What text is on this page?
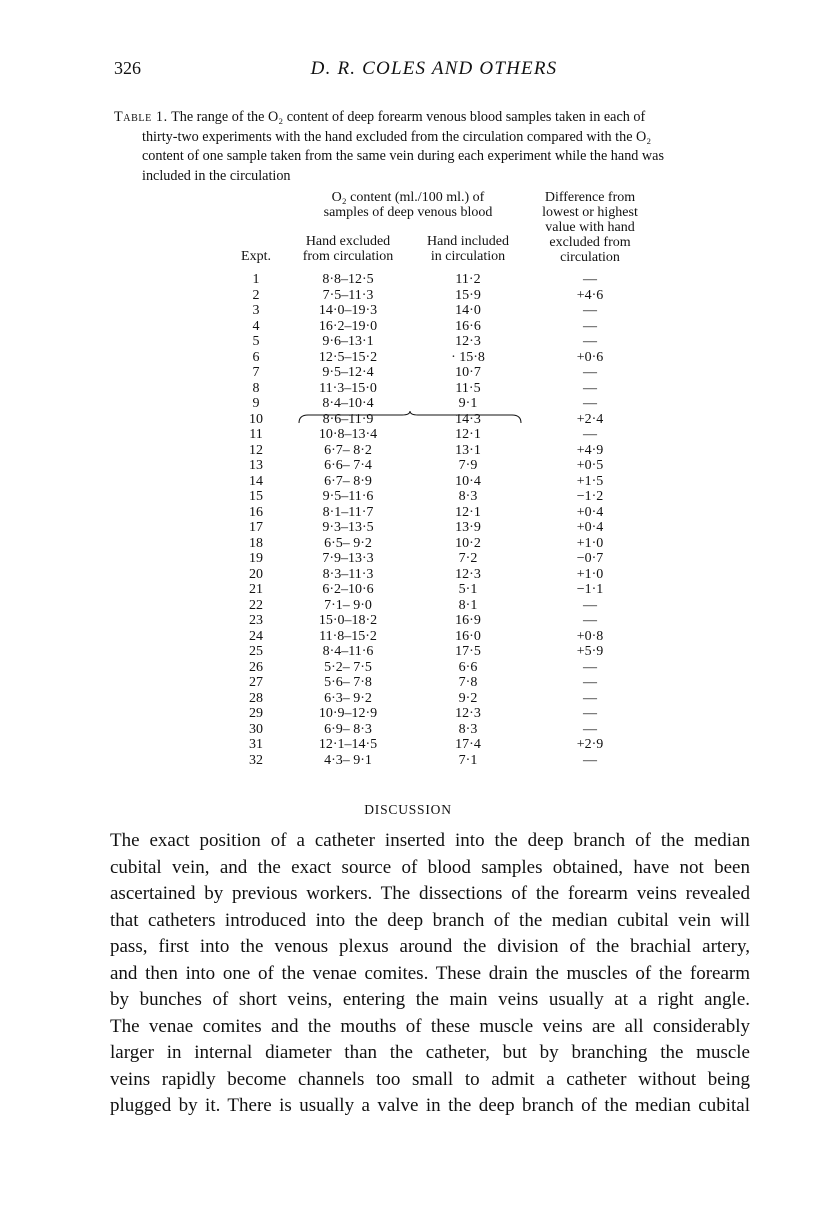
326	D. R. COLES AND OTHERS
Table 1. The range of the O₂ content of deep forearm venous blood samples taken in each of
thirty-two experiments with the hand excluded from the circulation compared with the O₂
content of one sample taken from the same vein during each experiment while the hand was
included in the circulation
O₂ content (ml./100 ml.) of
samples of deep venous blood
Difference from
lowest or highest
value with hand
excluded from
circulation
Hand excluded
from circulation
Hand included
in circulation
Expt.
1	8·8–12·5	11·2	—
2	7·5–11·3	15·9	+4·6
3	14·0–19·3	14·0	—
4	16·2–19·0	16·6	—
5	9·6–13·1	12·3	—
6	12·5–15·2	· 15·8	+0·6
7	9·5–12·4	10·7	—
8	11·3–15·0	11·5	—
9	8·4–10·4	9·1	—
10	8·6–11·9	14·3	+2·4
11	10·8–13·4	12·1	—
12	6·7– 8·2	13·1	+4·9
13	6·6– 7·4	7·9	+0·5
14	6·7– 8·9	10·4	+1·5
15	9·5–11·6	8·3	−1·2
16	8·1–11·7	12·1	+0·4
17	9·3–13·5	13·9	+0·4
18	6·5– 9·2	10·2	+1·0
19	7·9–13·3	7·2	−0·7
20	8·3–11·3	12·3	+1·0
21	6·2–10·6	5·1	−1·1
22	7·1– 9·0	8·1	—
23	15·0–18·2	16·9	—
24	11·8–15·2	16·0	+0·8
25	8·4–11·6	17·5	+5·9
26	5·2– 7·5	6·6	—
27	5·6– 7·8	7·8	—
28	6·3– 9·2	9·2	—
29	10·9–12·9	12·3	—
30	6·9– 8·3	8·3	—
31	12·1–14·5	17·4	+2·9
32	4·3– 9·1	7·1	—
DISCUSSION
The exact position of a catheter inserted into the deep branch of the median
cubital vein, and the exact source of blood samples obtained, have not been
ascertained by previous workers. The dissections of the forearm veins revealed
that catheters introduced into the deep branch of the median cubital vein will
pass, first into the venous plexus around the division of the brachial artery,
and then into one of the venae comites. These drain the muscles of the forearm
by bunches of short veins, entering the main veins usually at a right angle.
The venae comites and the mouths of these muscle veins are all considerably
larger in internal diameter than the catheter, but by branching the muscle
veins rapidly become channels too small to admit a catheter without being
plugged by it. There is usually a valve in the deep branch of the median cubital
